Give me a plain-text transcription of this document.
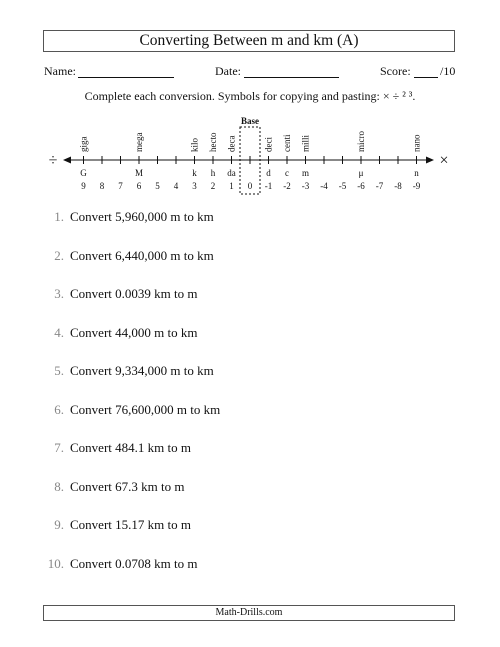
Converting Between m and km (A)
Name:	Date:	Score: /10
Complete each conversion. Symbols for copying and pasting: × ÷ ² ³.
÷	×
Base
9
G
giga
8 7 6
M
mega
5 4 3
k
kilo
2
h
hecto
1
da
deca
0 -1
d
deci
-2
c
centi
-3
m
milli
-4 -5 -6
μ
micro
-7 -8 -9
n
nano
1. Convert 5,960,000 m to km
2. Convert 6,440,000 m to km
3. Convert 0.0039 km to m
4. Convert 44,000 m to km
5. Convert 9,334,000 m to km
6. Convert 76,600,000 m to km
7. Convert 484.1 km to m
8. Convert 67.3 km to m
9. Convert 15.17 km to m
10. Convert 0.0708 km to m
Math-Drills.com
